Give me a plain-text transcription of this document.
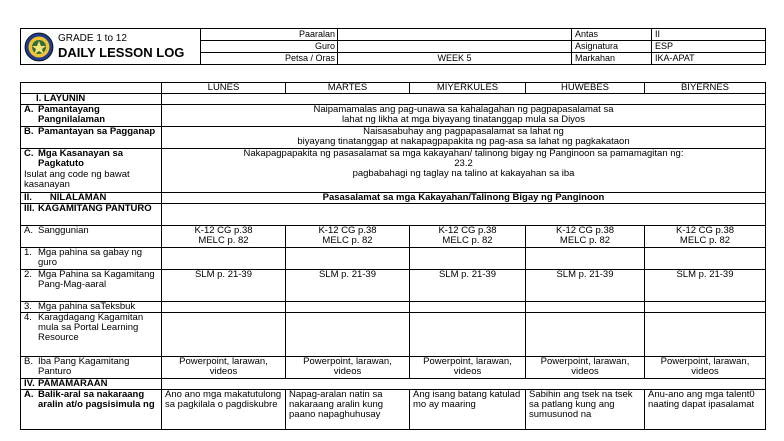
GRADE 1 to 12
DAILY LESSON LOG	Paaralan		Antas	II
	Guro		Asignatura	ESP
	Petsa / Oras	WEEK 5	Markahan	IKA-APAT
	LUNES	MARTES	MIYERKULES	HUWEBES	BIYERNES
I. LAYUNIN					

A. Pamantayang Pangnilalaman	Naipamamalas ang pag-unawa sa kahalagahan ng pagpapasalamat sa
lahat ng likha at mga biyayang tinatanggap mula sa Diyos				

B. Pamantayan sa Pagganap	Naisasabuhay ang pagpapasalamat sa lahat ng
biyayang tinatanggap at nakapagpapakita ng pag-asa sa lahat ng pagkakataon				

C. Mga Kasanayan sa Pagkatuto
Isulat ang code ng bawat kasanayan	Nakapagpapakita ng pasasalamat sa mga kakayahan/ talinong bigay ng Panginoon sa pamamagitan ng:
23.2
pagbabahagi ng taglay na talino at kakayahan sa iba				
II. NILALAMAN	Pasasalamat sa mga Kakayahan/Talinong Bigay ng Panginoon				

III. KAGAMITANG PANTURO					

A. Sanggunian	K-12 CG p.38
MELC p. 82	K-12 CG p.38
MELC p. 82	K-12 CG p.38
MELC p. 82	K-12 CG p.38
MELC p. 82	K-12 CG p.38
MELC p. 82

1. Mga pahina sa gabay ng guro					

2. Mga Pahina sa Kagamitang Pang-Mag-aaral	SLM p. 21-39	SLM p. 21-39	SLM p. 21-39	SLM p. 21-39	SLM p. 21-39

3. Mga pahina saTeksbuk					

4. Karagdagang Kagamitan mula sa Portal Learning Resource					

B. Iba Pang Kagamitang Panturo	Powerpoint, larawan,
videos	Powerpoint, larawan,
videos	Powerpoint, larawan,
videos	Powerpoint, larawan,
videos	Powerpoint, larawan,
videos

IV. PAMAMARAAN					

A. Balik-aral sa nakaraang aralin at/o pagsisimula ng	Ano ano mga makatutulong sa pagkilala o pagdiskubre	Napag-aralan natin sa nakaraang aralin kung paano napaghuhusay	Ang isang batang katulad mo ay maaring	Sabihin ang tsek na tsek sa patlang kung ang sumusunod na	Anu-ano ang mga talent0 naating dapat ipasalamat
